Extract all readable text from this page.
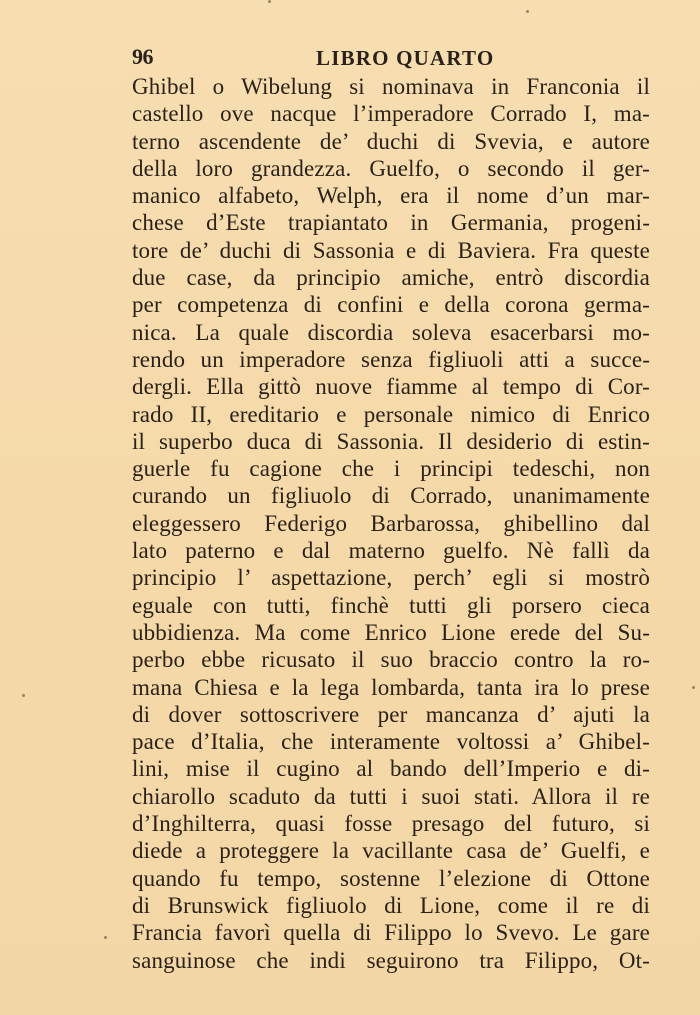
96	LIBRO QUARTO
Ghibel o Wibelung si nominava in Franconia il
castello ove nacque l’imperadore Corrado I, ma-
terno ascendente de’ duchi di Svevia, e autore
della loro grandezza. Guelfo, o secondo il ger-
manico alfabeto, Welph, era il nome d’un mar-
chese d’Este trapiantato in Germania, progeni-
tore de’ duchi di Sassonia e di Baviera. Fra queste
due case, da principio amiche, entrò discordia
per competenza di confini e della corona germa-
nica. La quale discordia soleva esacerbarsi mo-
rendo un imperadore senza figliuoli atti a succe-
dergli. Ella gittò nuove fiamme al tempo di Cor-
rado II, ereditario e personale nimico di Enrico
il superbo duca di Sassonia. Il desiderio di estin-
guerle fu cagione che i principi tedeschi, non
curando un figliuolo di Corrado, unanimamente
eleggessero Federigo Barbarossa, ghibellino dal
lato paterno e dal materno guelfo. Nè fallì da
principio l’ aspettazione, perch’ egli si mostrò
eguale con tutti, finchè tutti gli porsero cieca
ubbidienza. Ma come Enrico Lione erede del Su-
perbo ebbe ricusato il suo braccio contro la ro-
mana Chiesa e la lega lombarda, tanta ira lo prese
di dover sottoscrivere per mancanza d’ ajuti la
pace d’Italia, che interamente voltossi a’ Ghibel-
lini, mise il cugino al bando dell’Imperio e di-
chiarollo scaduto da tutti i suoi stati. Allora il re
d’Inghilterra, quasi fosse presago del futuro, si
diede a proteggere la vacillante casa de’ Guelfi, e
quando fu tempo, sostenne l’elezione di Ottone
di Brunswick figliuolo di Lione, come il re di
Francia favorì quella di Filippo lo Svevo. Le gare
sanguinose che indi seguirono tra Filippo, Ot-
